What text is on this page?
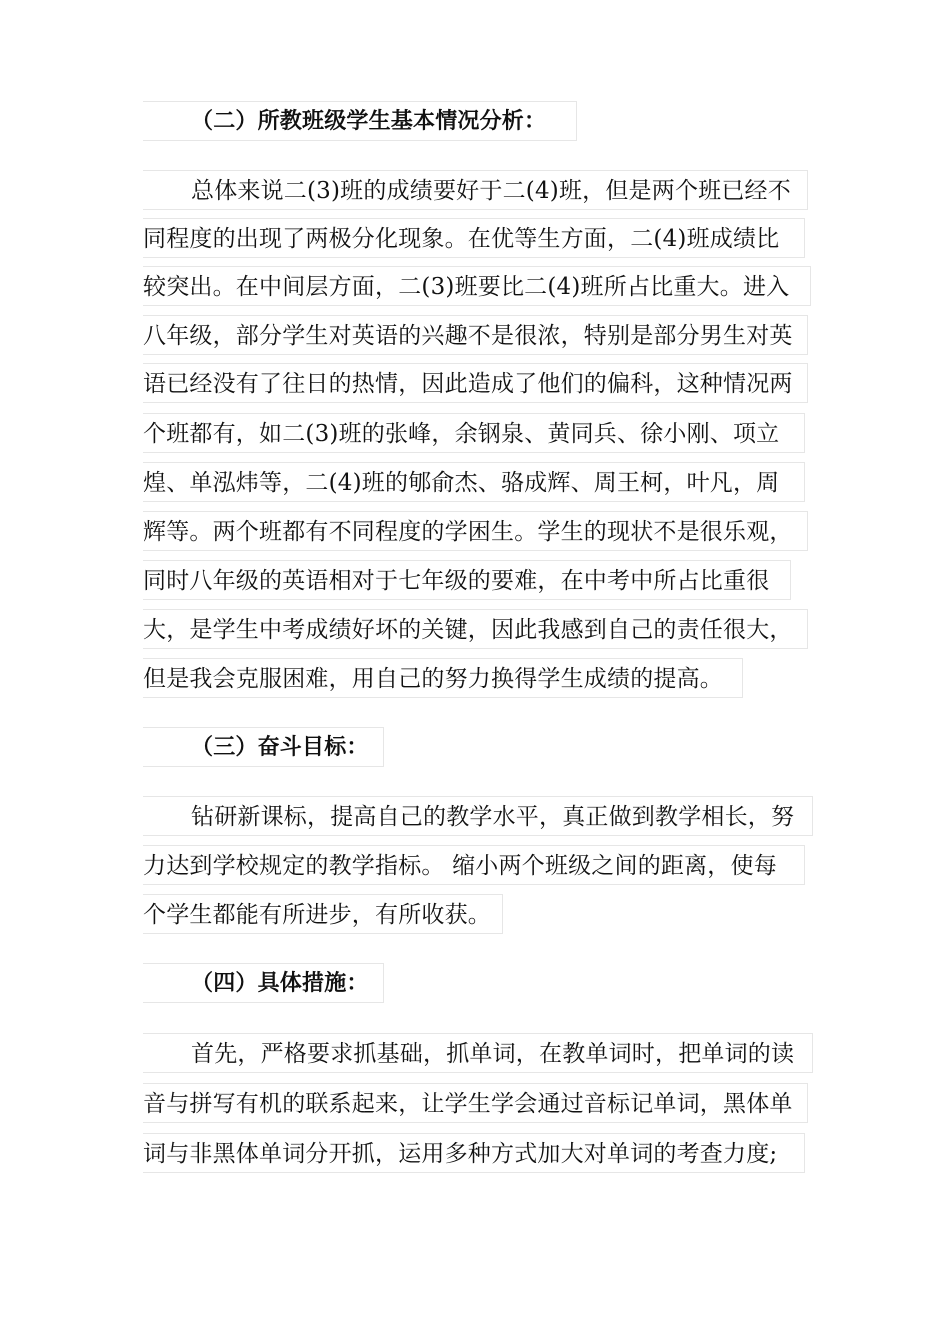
（二）所教班级学生基本情况分析：
总体来说二(3)班的成绩要好于二(4)班，但是两个班已经不
同程度的出现了两极分化现象。在优等生方面，二(4)班成绩比
较突出。在中间层方面，二(3)班要比二(4)班所占比重大。进入
八年级，部分学生对英语的兴趣不是很浓，特别是部分男生对英
语已经没有了往日的热情，因此造成了他们的偏科，这种情况两
个班都有，如二(3)班的张峰，余钢泉、黄同兵、徐小刚、项立
煌、单泓炜等，二(4)班的郇俞杰、骆成辉、周王柯，叶凡，周
辉等。两个班都有不同程度的学困生。学生的现状不是很乐观，
同时八年级的英语相对于七年级的要难，在中考中所占比重很
大，是学生中考成绩好坏的关键，因此我感到自己的责任很大，
但是我会克服困难，用自己的努力换得学生成绩的提高。
（三）奋斗目标：
钻研新课标，提高自己的教学水平，真正做到教学相长，努
力达到学校规定的教学指标。 缩小两个班级之间的距离，使每
个学生都能有所进步，有所收获。
（四）具体措施：
首先，严格要求抓基础，抓单词，在教单词时，把单词的读
音与拼写有机的联系起来，让学生学会通过音标记单词，黑体单
词与非黑体单词分开抓，运用多种方式加大对单词的考查力度;
